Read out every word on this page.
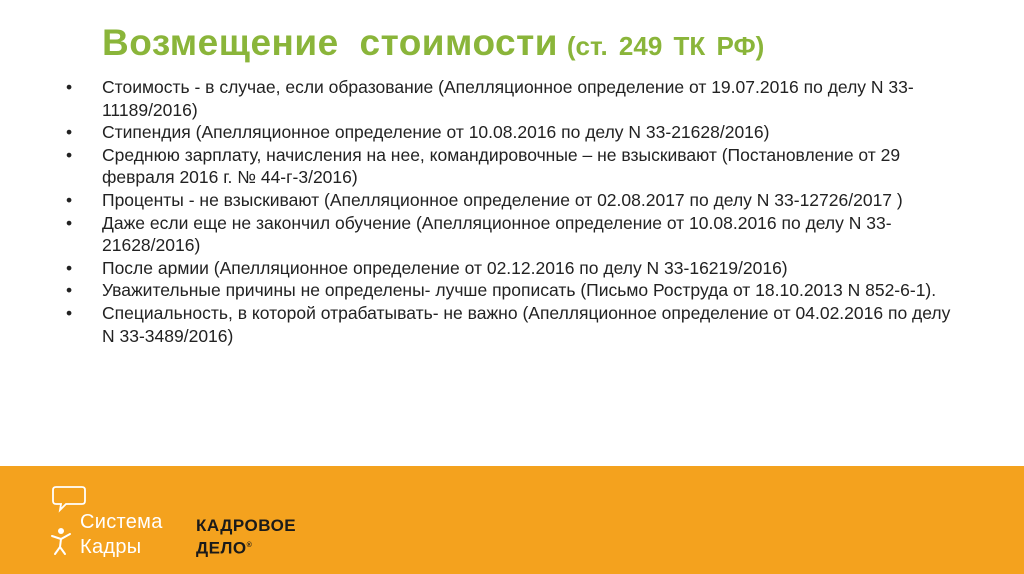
Возмещение стоимости (ст. 249 ТК РФ)
• Стоимость - в случае, если образование (Апелляционное определение от 19.07.2016 по делу N 33-11189/2016)
• Стипендия (Апелляционное определение от 10.08.2016 по делу N 33-21628/2016)
• Среднюю зарплату, начисления на нее, командировочные – не взыскивают (Постановление от 29 февраля 2016 г. № 44-г-3/2016)
• Проценты - не взыскивают (Апелляционное определение от 02.08.2017 по делу N 33-12726/2017 )
• Даже если еще не закончил обучение (Апелляционное определение от 10.08.2016 по делу N 33-21628/2016)
• После армии (Апелляционное определение от 02.12.2016 по делу N 33-16219/2016)
• Уважительные причины не определены- лучше прописать (Письмо Роструда от 18.10.2013 N 852-6-1).
• Специальность, в которой отрабатывать- не важно (Апелляционное определение от 04.02.2016 по делу N 33-3489/2016)
Система
Кадры
КАДРОВОЕ
ДЕЛО®
